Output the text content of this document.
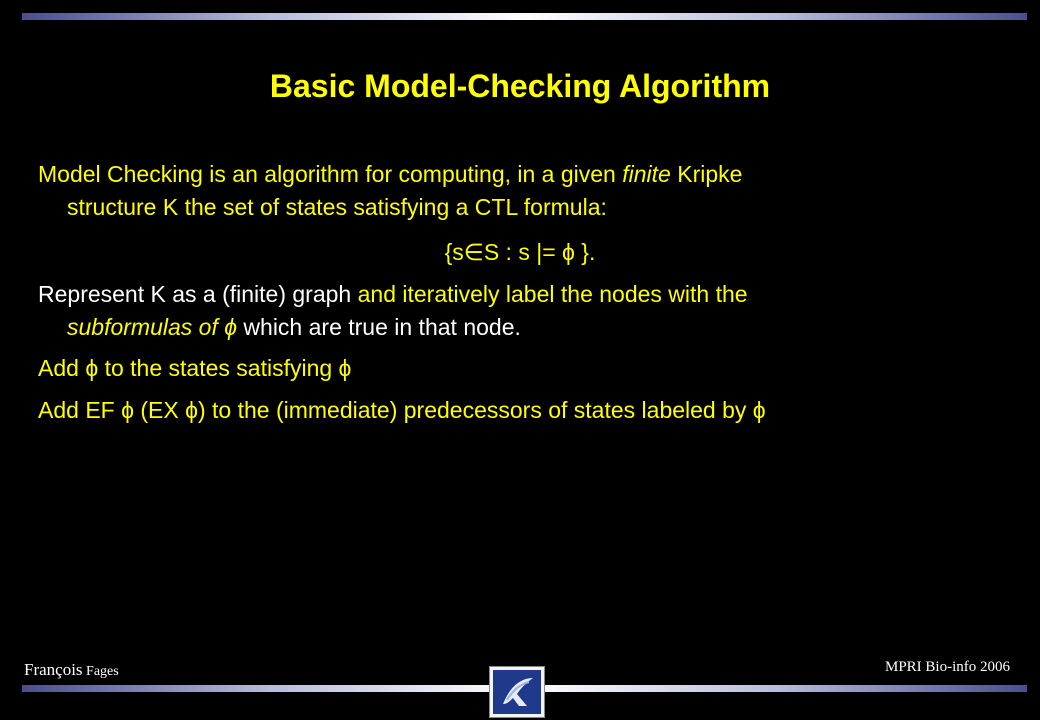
Basic Model-Checking Algorithm
Model Checking is an algorithm for computing, in a given finite Kripke
structure K the set of states satisfying a CTL formula:
{s∈S : s |= ϕ }.
Represent K as a (finite) graph and iteratively label the nodes with the
subformulas of ϕ which are true in that node.
Add ϕ to the states satisfying ϕ
Add EF ϕ (EX ϕ) to the (immediate) predecessors of states labeled by ϕ
François Fages	MPRI Bio-info 2006
